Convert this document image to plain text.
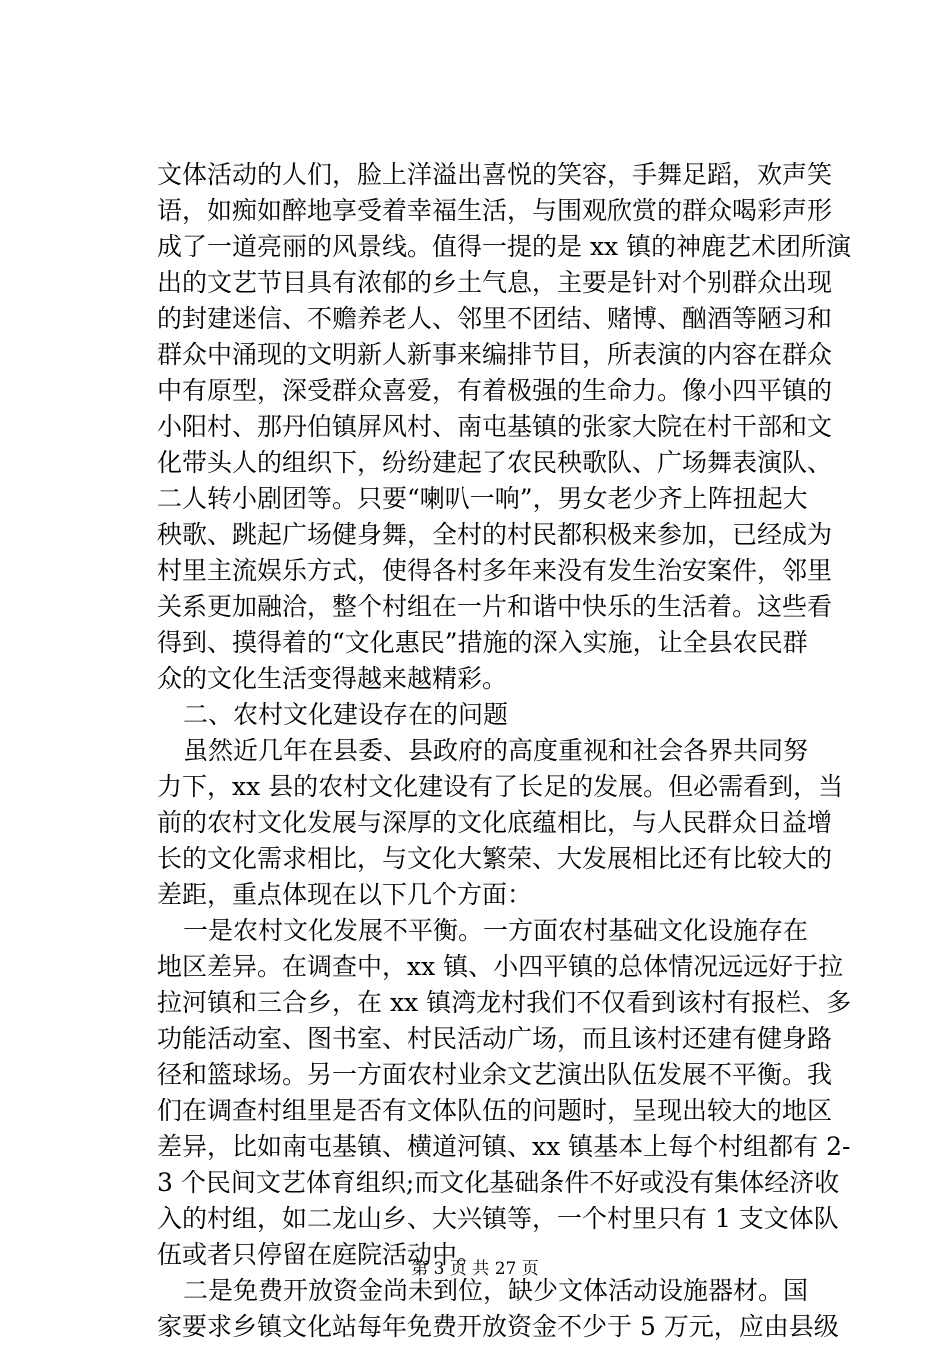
文体活动的人们，脸上洋溢出喜悦的笑容，手舞足蹈，欢声笑
语，如痴如醉地享受着幸福生活，与围观欣赏的群众喝彩声形
成了一道亮丽的风景线。值得一提的是 xx 镇的神鹿艺术团所演
出的文艺节目具有浓郁的乡土气息，主要是针对个别群众出现
的封建迷信、不赡养老人、邻里不团结、赌博、酗酒等陋习和
群众中涌现的文明新人新事来编排节目，所表演的内容在群众
中有原型，深受群众喜爱，有着极强的生命力。像小四平镇的
小阳村、那丹伯镇屏风村、南屯基镇的张家大院在村干部和文
化带头人的组织下，纷纷建起了农民秧歌队、广场舞表演队、
二人转小剧团等。只要“喇叭一响”，男女老少齐上阵扭起大
秧歌、跳起广场健身舞，全村的村民都积极来参加，已经成为
村里主流娱乐方式，使得各村多年来没有发生治安案件，邻里
关系更加融洽，整个村组在一片和谐中快乐的生活着。这些看
得到、摸得着的“文化惠民”措施的深入实施，让全县农民群
众的文化生活变得越来越精彩。
二、农村文化建设存在的问题
虽然近几年在县委、县政府的高度重视和社会各界共同努
力下，xx 县的农村文化建设有了长足的发展。但必需看到，当
前的农村文化发展与深厚的文化底蕴相比，与人民群众日益增
长的文化需求相比，与文化大繁荣、大发展相比还有比较大的
差距，重点体现在以下几个方面：
一是农村文化发展不平衡。一方面农村基础文化设施存在
地区差异。在调查中，xx 镇、小四平镇的总体情况远远好于拉
拉河镇和三合乡，在 xx 镇湾龙村我们不仅看到该村有报栏、多
功能活动室、图书室、村民活动广场，而且该村还建有健身路
径和篮球场。另一方面农村业余文艺演出队伍发展不平衡。我
们在调查村组里是否有文体队伍的问题时，呈现出较大的地区
差异，比如南屯基镇、横道河镇、xx 镇基本上每个村组都有 2-
3 个民间文艺体育组织;而文化基础条件不好或没有集体经济收
入的村组，如二龙山乡、大兴镇等，一个村里只有 1 支文体队
伍或者只停留在庭院活动中。
二是免费开放资金尚未到位，缺少文体活动设施器材。国
家要求乡镇文化站每年免费开放资金不少于 5 万元，应由县级
第 3 页 共 27 页
